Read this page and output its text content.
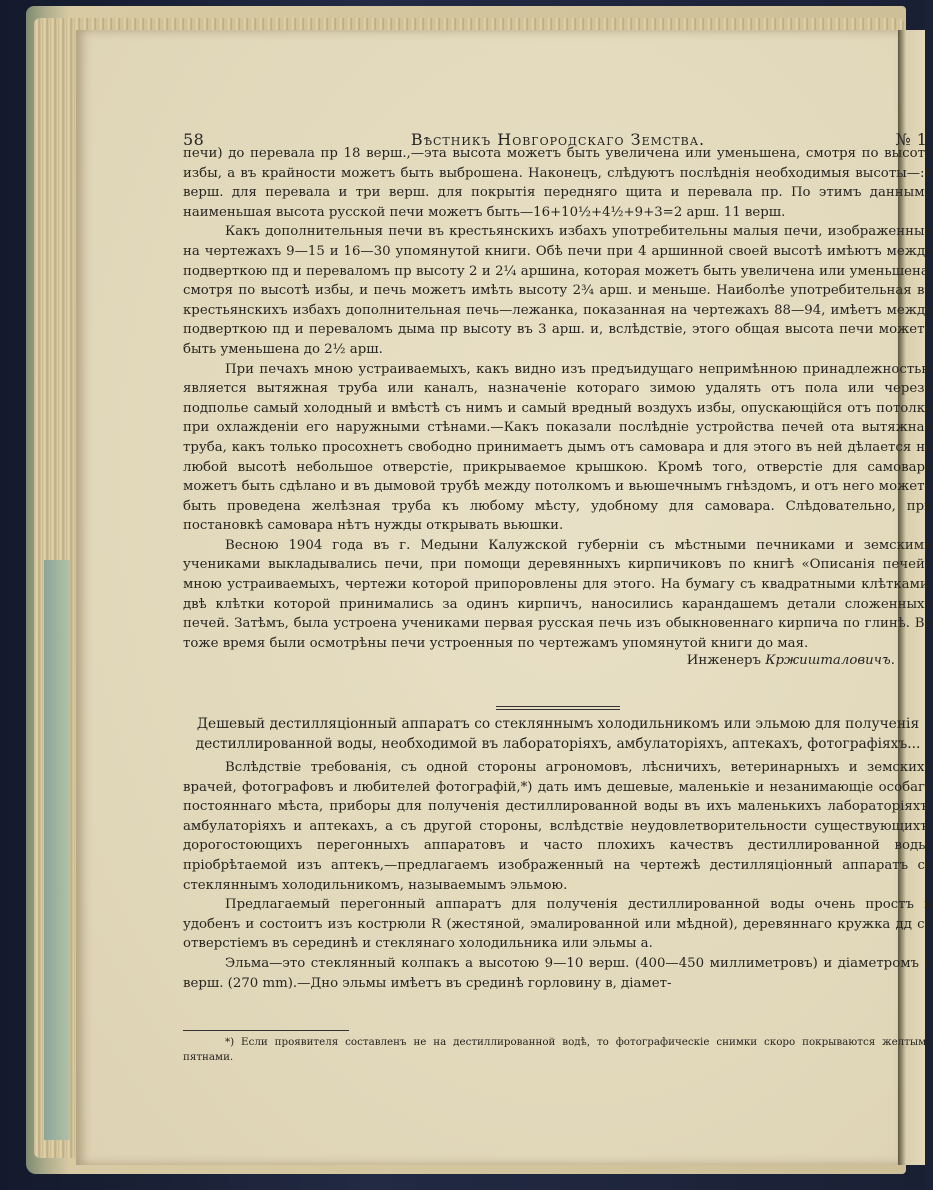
58	Вѣстникъ Новгородскаго Земства.	№ 1.

печи) до перевала пр 18 верш.,—эта высота можетъ быть увеличена или уменьшена, смотря по высотѣ избы, а въ крайности можетъ быть выброшена. Наконецъ, слѣдуютъ послѣднія необходимыя высоты—:9 верш. для перевала и три верш. для покрытія передняго щита и перевала пр. По этимъ даннымъ наименьшая высота русской печи можетъ быть—16+10½+4½+9+3=2 арш. 11 верш.

Какъ дополнительныя печи въ крестьянскихъ избахъ употребительны малыя печи, изображенныя на чертежахъ 9—15 и 16—30 упомянутой книги. Обѣ печи при 4 аршинной своей высотѣ имѣютъ между подверткою пд и переваломъ пр высоту 2 и 2¼ аршина, которая можетъ быть увеличена или уменьшена, смотря по высотѣ избы, и печь можетъ имѣть высоту 2¾ арш. и меньше. Наиболѣе употребительная въ крестьянскихъ избахъ дополнительная печь—лежанка, показанная на чертежахъ 88—94, имѣетъ между подверткою пд и переваломъ дыма пр высоту въ 3 арш. и, вслѣдствіе, этого общая высота печи можетъ быть уменьшена до 2½ арш.

При печахъ мною устраиваемыхъ, какъ видно изъ предъидущаго непримѣнною принадлежностью является вытяжная труба или каналъ, назначеніе котораго зимою удалять отъ пола или черезъ подполье самый холодный и вмѣстѣ съ нимъ и самый вредный воздухъ избы, опускающійся отъ потолка при охлажденіи его наружными стѣнами.—Какъ показали послѣдніе устройства печей ота вытяжная труба, какъ только просохнетъ свободно принимаетъ дымъ отъ самовара и для этого въ ней дѣлается на любой высотѣ небольшое отверстіе, прикрываемое крышкою. Кромѣ того, отверстіе для самовара можетъ быть сдѣлано и въ дымовой трубѣ между потолкомъ и вьюшечнымъ гнѣздомъ, и отъ него можетъ быть проведена желѣзная труба къ любому мѣсту, удобному для самовара. Слѣдовательно, при постановкѣ самовара нѣтъ нужды открывать вьюшки.

Весною 1904 года въ г. Медыни Калужской губерніи съ мѣстными печниками и земскими учениками выкладывались печи, при помощи деревянныхъ кирпичиковъ по книгѣ «Описанія печей» мною устраиваемыхъ, чертежи которой припоровлены для этого. На бумагу съ квадратными клѣтками, двѣ клѣтки которой принимались за одинъ кирпичъ, наносились карандашемъ детали сложенныхъ печей. Затѣмъ, была устроена учениками первая русская печь изъ обыкновеннаго кирпича по глинѣ. Въ тоже время были осмотрѣны печи устроенныя по чертежамъ упомянутой книги до мая.

Инженеръ Кржишталовичъ.

Дешевый дестилляціонный аппаратъ со стекляннымъ холодильникомъ или эльмою для полученія дестиллированной воды, необходимой въ лабораторіяхъ, амбулаторіяхъ, аптекахъ, фотографіяхъ...

Вслѣдствіе требованія, съ одной стороны агрономовъ, лѣсничихъ, ветеринарныхъ и земскихъ врачей, фотографовъ и любителей фотографій,*) дать имъ дешевые, маленькіе и незанимающіе особаго постояннаго мѣста, приборы для полученія дестиллированной воды въ ихъ маленькихъ лабораторіяхъ, амбулаторіяхъ и аптекахъ, а съ другой стороны, вслѣдствіе неудовлетворительности существующихъ, дорогостоющихъ перегонныхъ аппаратовъ и часто плохихъ качествъ дестиллированной воды, пріобрѣтаемой изъ аптекъ,—предлагаемъ изображенный на чертежѣ дестилляціонный аппаратъ со стекляннымъ холодильникомъ, называемымъ эльмою.

Предлагаемый перегонный аппаратъ для полученія дестиллированной воды очень простъ и удобенъ и состоитъ изъ кострюли R (жестяной, эмалированной или мѣдной), деревяннаго кружка дд съ отверстіемъ въ серединѣ и стеклянаго холодильника или эльмы а.

Эльма—это стеклянный колпакъ а высотою 9—10 верш. (400—450 миллиметровъ) и діаметромъ 6 верш. (270 mm).—Дно эльмы имѣетъ въ срединѣ горловину в, діамет-

*) Если проявителя составленъ не на дестиллированной водѣ, то фотографическіе снимки скоро покрываются желтыми пятнами.
